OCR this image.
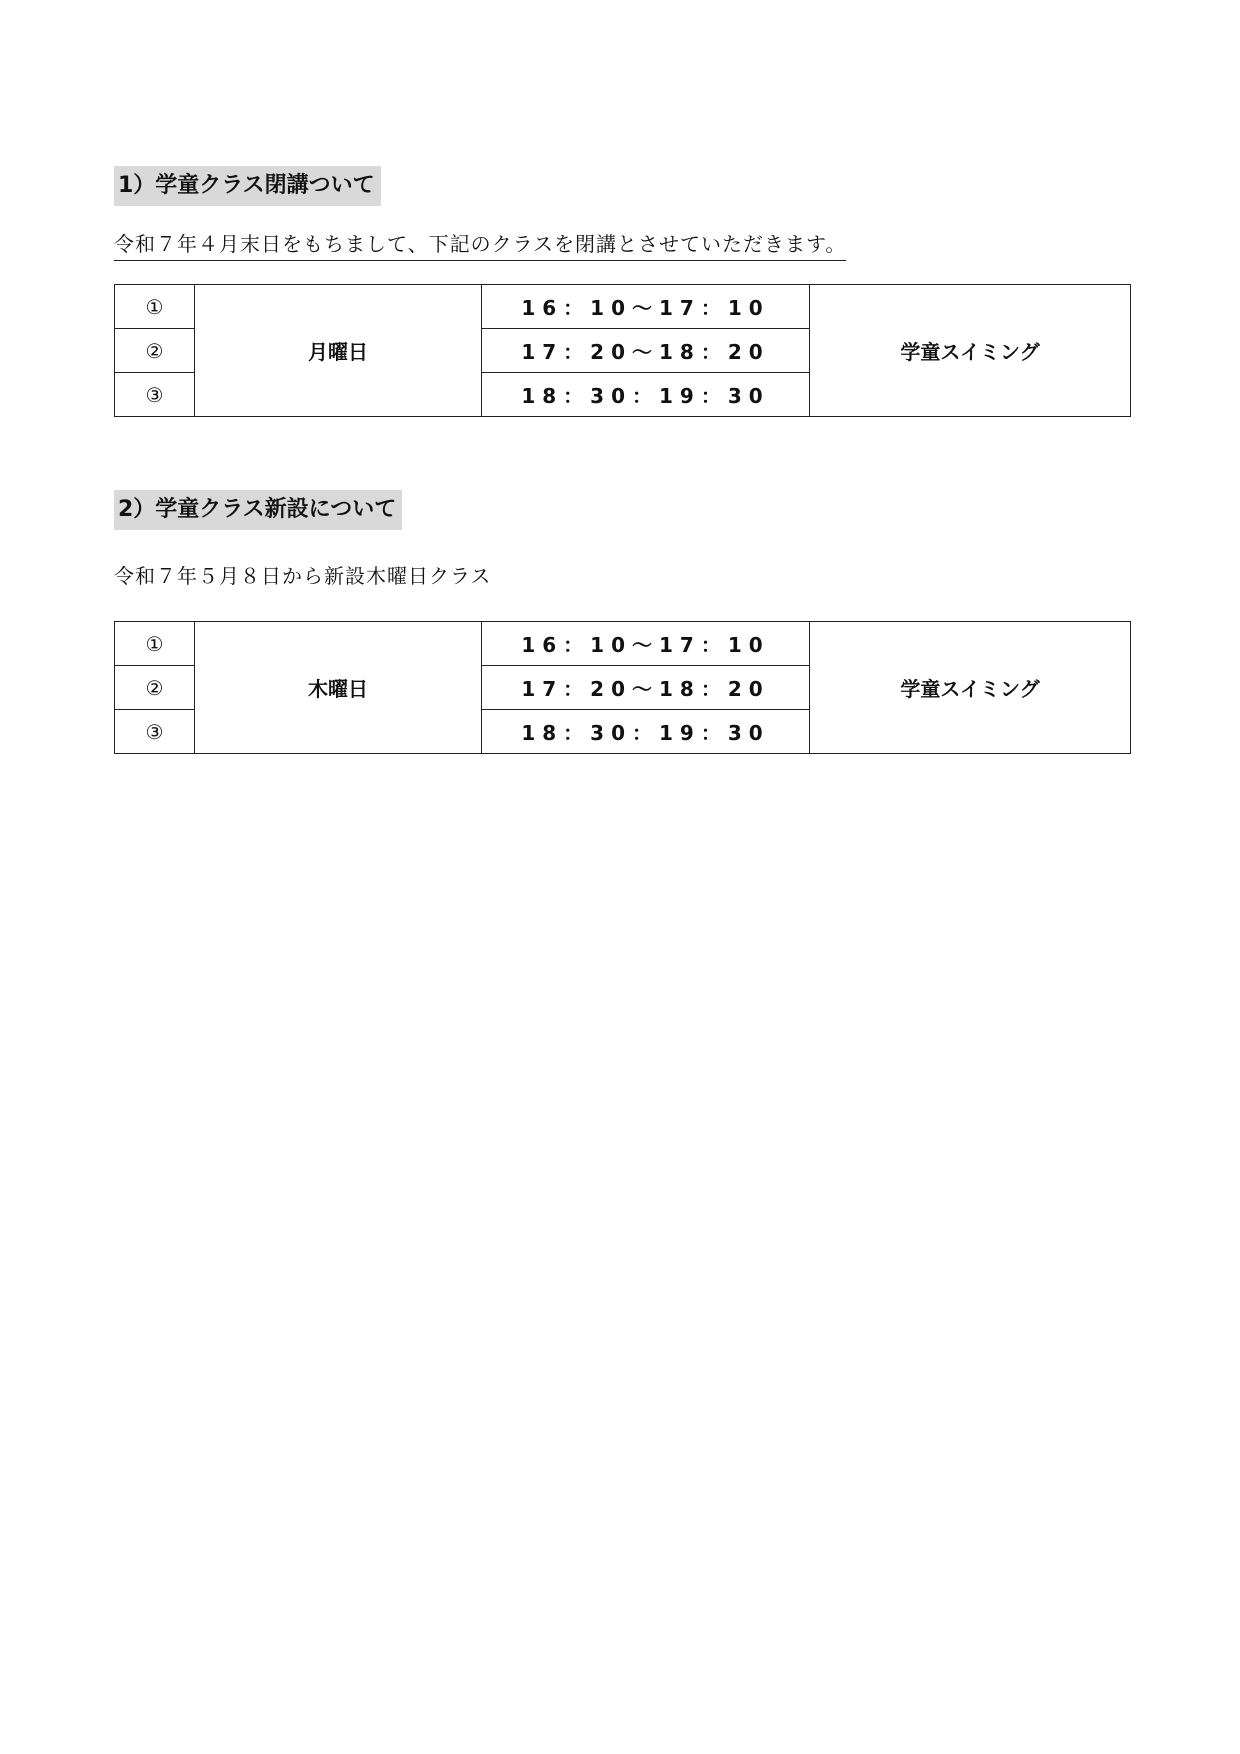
1）学童クラス閉講ついて
令和７年４月末日をもちまして、下記のクラスを閉講とさせていただきます。
①	月曜日	16：10〜17：10	学童スイミング
②		17：20〜18：20	
③		18：30：19：30	
2）学童クラス新設について
令和７年５月８日から新設木曜日クラス
①	木曜日	16：10〜17：10	学童スイミング
②		17：20〜18：20	
③		18：30：19：30	
